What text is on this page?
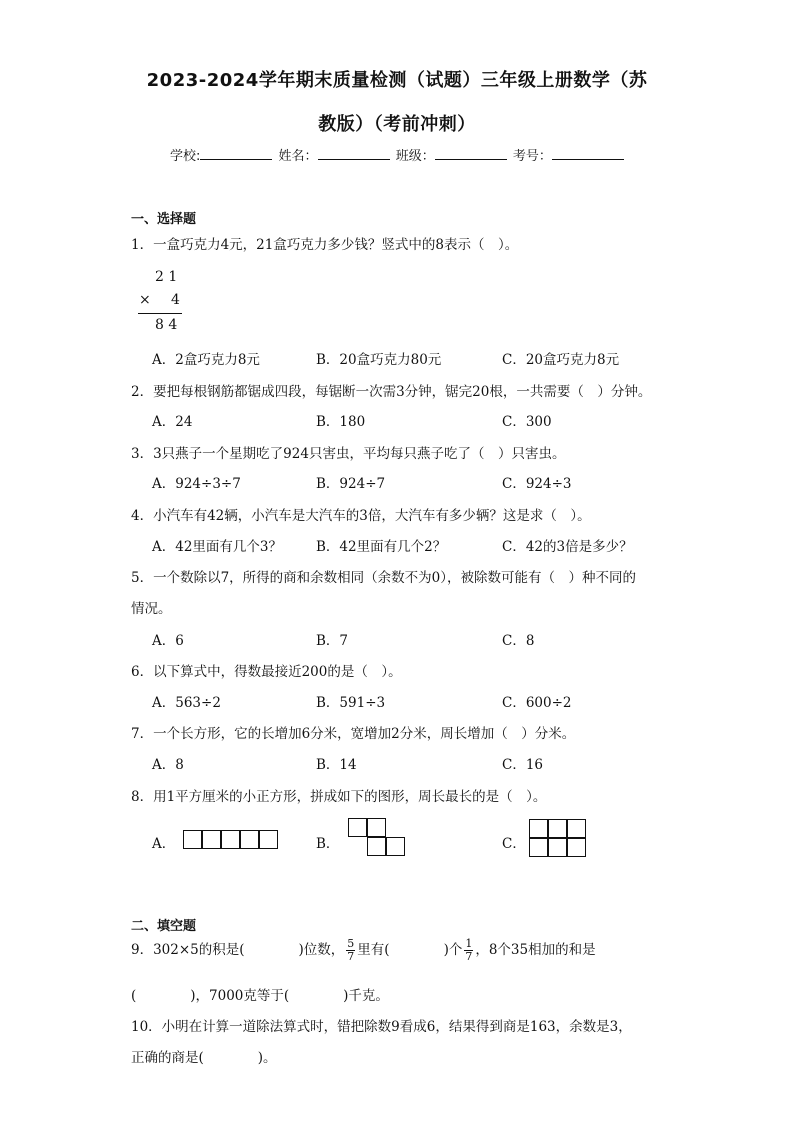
2023-2024学年期末质量检测（试题）三年级上册数学（苏
教版）（考前冲刺）
学校:	姓名：	班级：	考号：
一、选择题
1．一盒巧克力4元，21盒巧克力多少钱？竖式中的8表示（　）。
2 1
× 4
8 4
A．2盒巧克力8元	B．20盒巧克力80元	C．20盒巧克力8元
2．要把每根钢筋都锯成四段，每锯断一次需3分钟，锯完20根，一共需要（　）分钟。
A．24	B．180	C．300
3．3只燕子一个星期吃了924只害虫，平均每只燕子吃了（　）只害虫。
A．924÷3÷7	B．924÷7	C．924÷3
4．小汽车有42辆，小汽车是大汽车的3倍，大汽车有多少辆？这是求（　）。
A．42里面有几个3？	B．42里面有几个2？	C．42的3倍是多少？
5．一个数除以7，所得的商和余数相同（余数不为0），被除数可能有（　）种不同的
情况。
A．6	B．7	C．8
6．以下算式中，得数最接近200的是（　）。
A．563÷2	B．591÷3	C．600÷2
7．一个长方形，它的长增加6分米，宽增加2分米，周长增加（　）分米。
A．8	B．14	C．16
8．用1平方厘米的小正方形，拼成如下的图形，周长最长的是（　）。
A．	B．	C．
二、填空题
9．302×5的积是(　　　　)位数， $\frac{5}{7}$ 里有(　　　　)个 $\frac{1}{7}$ ，8个35相加的和是
(　　　　)，7000克等于(　　　　)千克。
10．小明在计算一道除法算式时，错把除数9看成6，结果得到商是163，余数是3，
正确的商是(　　　　)。
